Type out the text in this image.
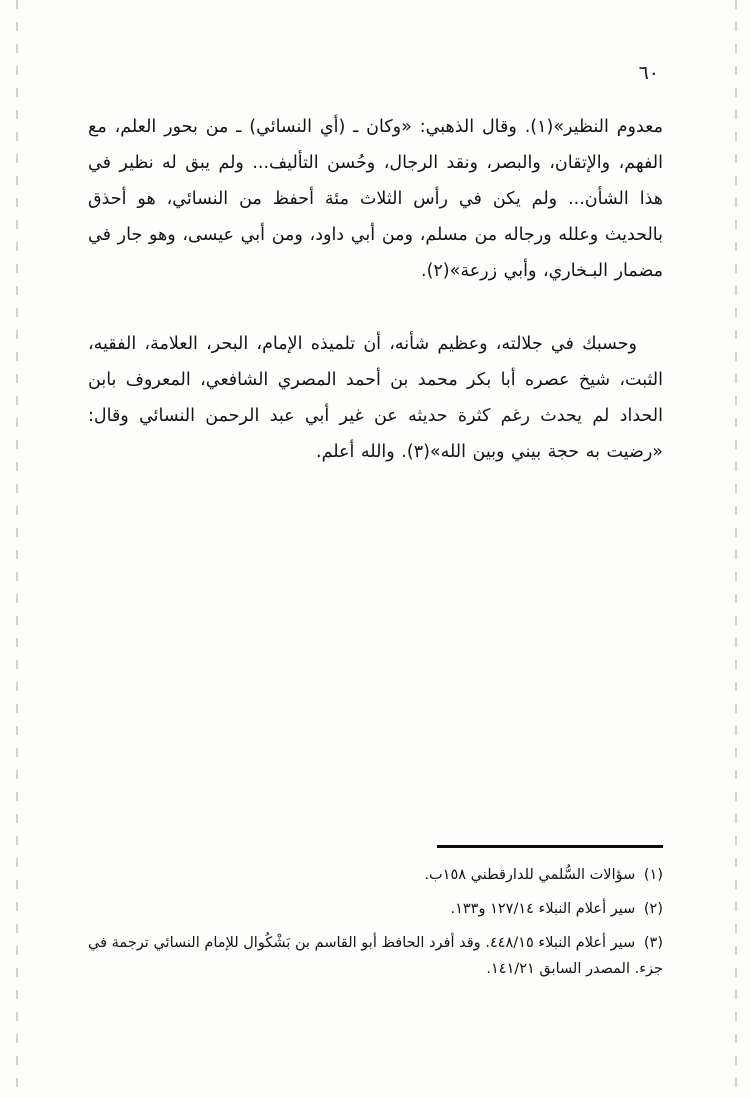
٦٠

معدوم النظير»(١). وقال الذهبي: «وكان ـ (أي النسائي) ـ من بحور العلم، مع الفهم، والإتقان، والبصر، ونقد الرجال، وحُسن التأليف... ولم يبق له نظير في هذا الشأن... ولم يكن في رأس الثلاث مئة أحفظ من النسائي، هو أحذق بالحديث وعلله ورجاله من مسلم، ومن أبي داود، ومن أبي عيسى، وهو جار في مضمار البـخاري، وأبي زرعة»(٢).

وحسبك في جلالته، وعظيم شأنه، أن تلميذه الإمام، البحر، العلامة، الفقيه، الثبت، شيخ عصره أبا بكر محمد بن أحمد المصري الشافعي، المعروف بابن الحداد لم يحدث رغم كثرة حديثه عن غير أبي عبد الرحمن النسائي وقال: «رضيت به حجة بيني وبين الله»(٣). والله أعلم.

(١) سؤالات السُّلمي للدارقطني ١٥٨ب.

(٢) سير أعلام النبلاء ١٢٧/١٤ و١٣٣.

(٣) سير أعلام النبلاء ٤٤٨/١٥. وقد أفرد الحافظ أبو القاسم بن بَشْكُوال للإمام النسائي ترجمة في جزء. المصدر السابق ١٤١/٢١.
